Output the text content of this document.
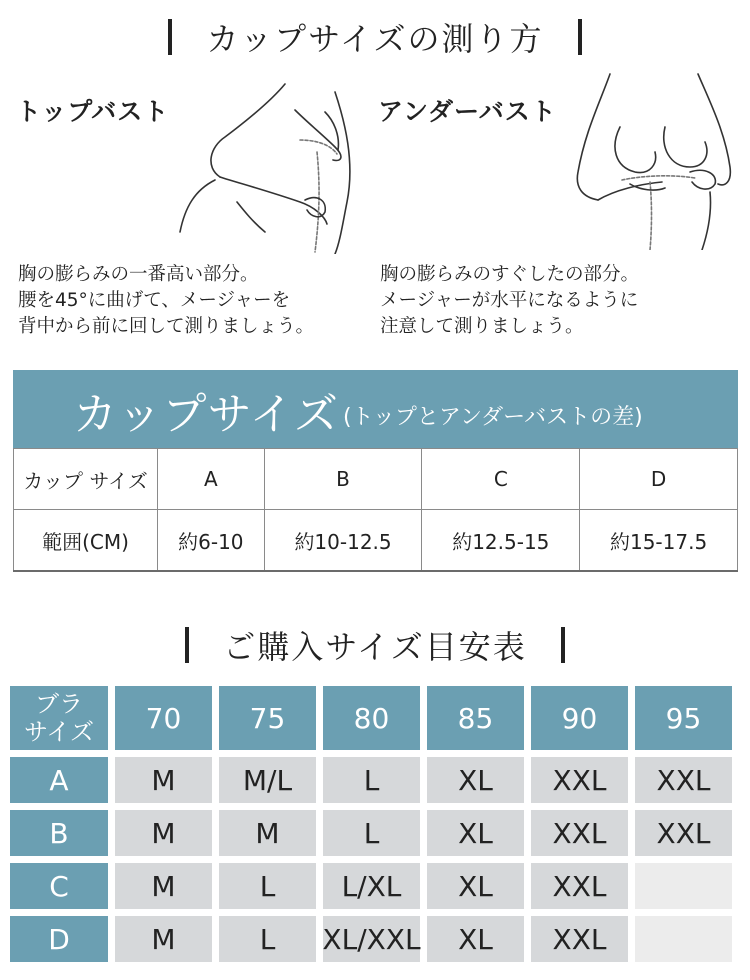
カップサイズの測り方
トップバスト
胸の膨らみの一番高い部分。
腰を45°に曲げて、メージャーを
背中から前に回して測りましょう。
アンダーバスト
胸の膨らみのすぐしたの部分。
メージャーが水平になるように
注意して測りましょう。
カップサイズ (トップとアンダーバストの差)
カップ サイズ	A	B	C	D
範囲(CM)	約6-10	約10-12.5	約12.5-15	約15-17.5
ご購入サイズ目安表
ブラ
サイズ	70	75	80	85	90	95
A	M	M/L	L	XL	XXL	XXL
B	M	M	L	XL	XXL	XXL
C	M	L	L/XL	XL	XXL
D	M	L	XL/XXL	XL	XXL
